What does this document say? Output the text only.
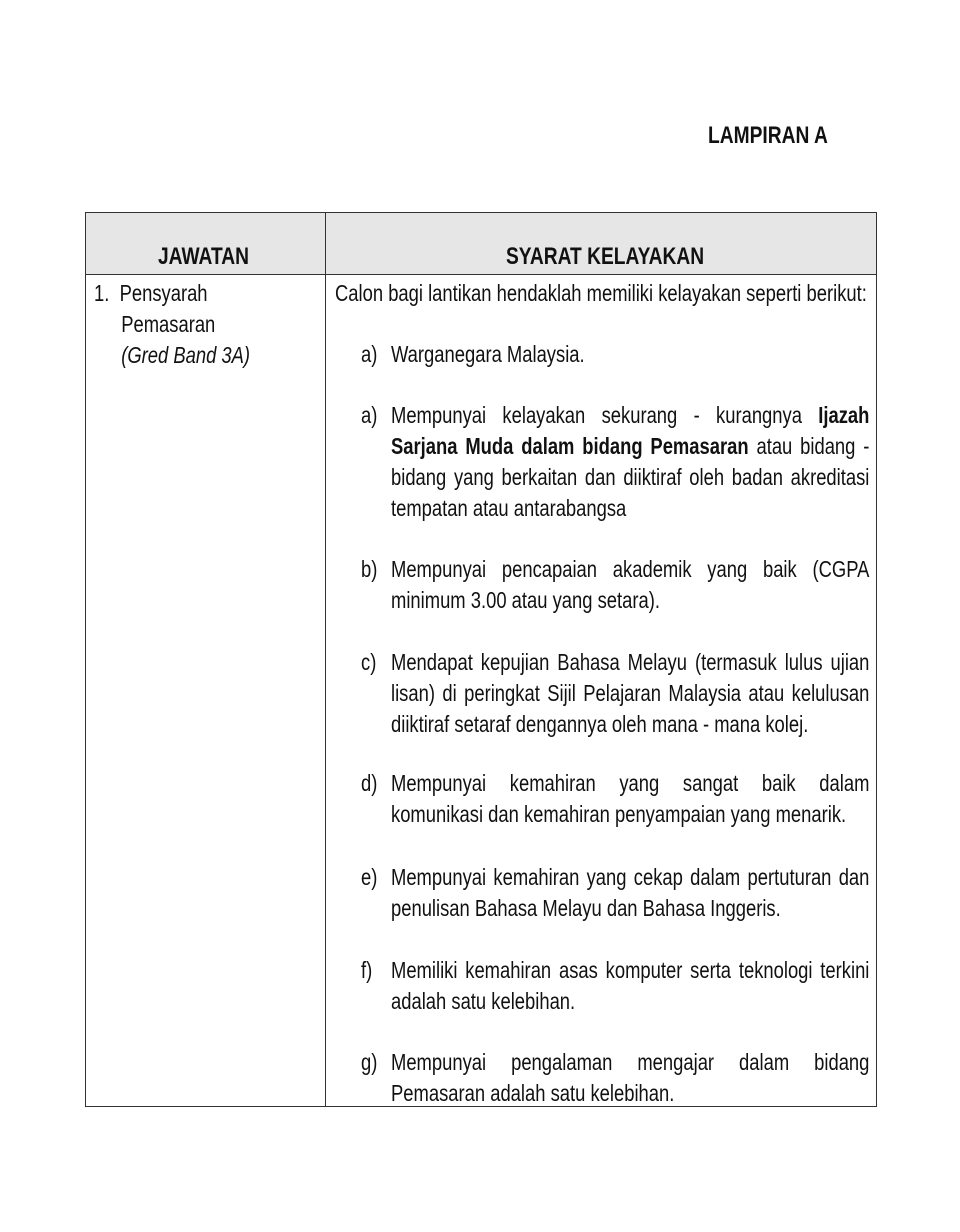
LAMPIRAN A
JAWATAN	SYARAT KELAYAKAN
1. Pensyarah
Pemasaran
(Gred Band 3A)
Calon bagi lantikan hendaklah memiliki kelayakan seperti berikut:
a) Warganegara Malaysia.
a) Mempunyai kelayakan sekurang - kurangnya Ijazah Sarjana Muda dalam bidang Pemasaran atau bidang - bidang yang berkaitan dan diiktiraf oleh badan akreditasi tempatan atau antarabangsa
b) Mempunyai pencapaian akademik yang baik (CGPA minimum 3.00 atau yang setara).
c) Mendapat kepujian Bahasa Melayu (termasuk lulus ujian lisan) di peringkat Sijil Pelajaran Malaysia atau kelulusan diiktiraf setaraf dengannya oleh mana - mana kolej.
d) Mempunyai kemahiran yang sangat baik dalam komunikasi dan kemahiran penyampaian yang menarik.
e) Mempunyai kemahiran yang cekap dalam pertuturan dan penulisan Bahasa Melayu dan Bahasa Inggeris.
f) Memiliki kemahiran asas komputer serta teknologi terkini adalah satu kelebihan.
g) Mempunyai pengalaman mengajar dalam bidang Pemasaran adalah satu kelebihan.
